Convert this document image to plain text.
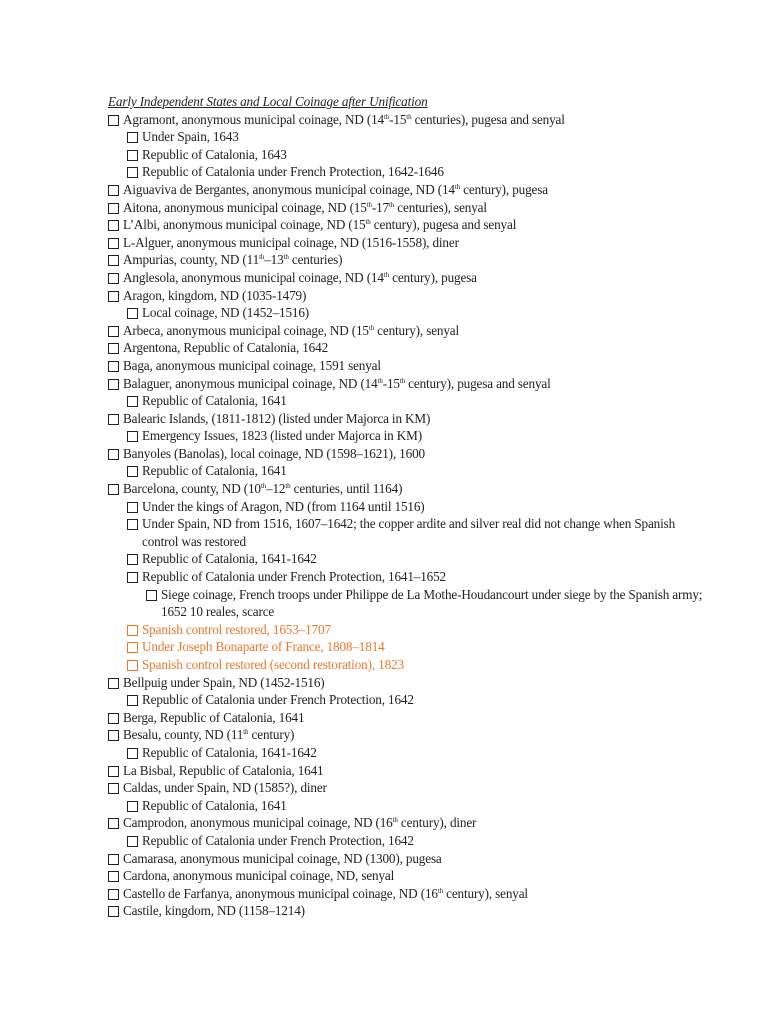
Early Independent States and Local Coinage after Unification
Agramont, anonymous municipal coinage, ND (14th-15th centuries), pugesa and senyal
Under Spain, 1643
Republic of Catalonia, 1643
Republic of Catalonia under French Protection, 1642-1646
Aiguaviva de Bergantes, anonymous municipal coinage, ND (14th century), pugesa
Aitona, anonymous municipal coinage, ND (15th-17th centuries), senyal
L’Albi, anonymous municipal coinage, ND (15th century), pugesa and senyal
L-Alguer, anonymous municipal coinage, ND (1516-1558), diner
Ampurias, county, ND (11th–13th centuries)
Anglesola, anonymous municipal coinage, ND (14th century), pugesa
Aragon, kingdom, ND (1035-1479)
Local coinage, ND (1452–1516)
Arbeca, anonymous municipal coinage, ND (15th century), senyal
Argentona, Republic of Catalonia, 1642
Baga, anonymous municipal coinage, 1591 senyal
Balaguer, anonymous municipal coinage, ND (14th-15th century), pugesa and senyal
Republic of Catalonia, 1641
Balearic Islands, (1811-1812) (listed under Majorca in KM)
Emergency Issues, 1823 (listed under Majorca in KM)
Banyoles (Banolas), local coinage, ND (1598–1621), 1600
Republic of Catalonia, 1641
Barcelona, county, ND (10th–12th centuries, until 1164)
Under the kings of Aragon, ND (from 1164 until 1516)
Under Spain, ND from 1516, 1607–1642; the copper ardite and silver real did not change when Spanish control was restored
Republic of Catalonia, 1641-1642
Republic of Catalonia under French Protection, 1641–1652
Siege coinage, French troops under Philippe de La Mothe-Houdancourt under siege by the Spanish army; 1652 10 reales, scarce
Spanish control restored, 1653–1707
Under Joseph Bonaparte of France, 1808–1814
Spanish control restored (second restoration), 1823
Bellpuig under Spain, ND (1452-1516)
Republic of Catalonia under French Protection, 1642
Berga, Republic of Catalonia, 1641
Besalu, county, ND (11th century)
Republic of Catalonia, 1641-1642
La Bisbal, Republic of Catalonia, 1641
Caldas, under Spain, ND (1585?), diner
Republic of Catalonia, 1641
Camprodon, anonymous municipal coinage, ND (16th century), diner
Republic of Catalonia under French Protection, 1642
Camarasa, anonymous municipal coinage, ND (1300), pugesa
Cardona, anonymous municipal coinage, ND, senyal
Castello de Farfanya, anonymous municipal coinage, ND (16th century), senyal
Castile, kingdom, ND (1158–1214)
